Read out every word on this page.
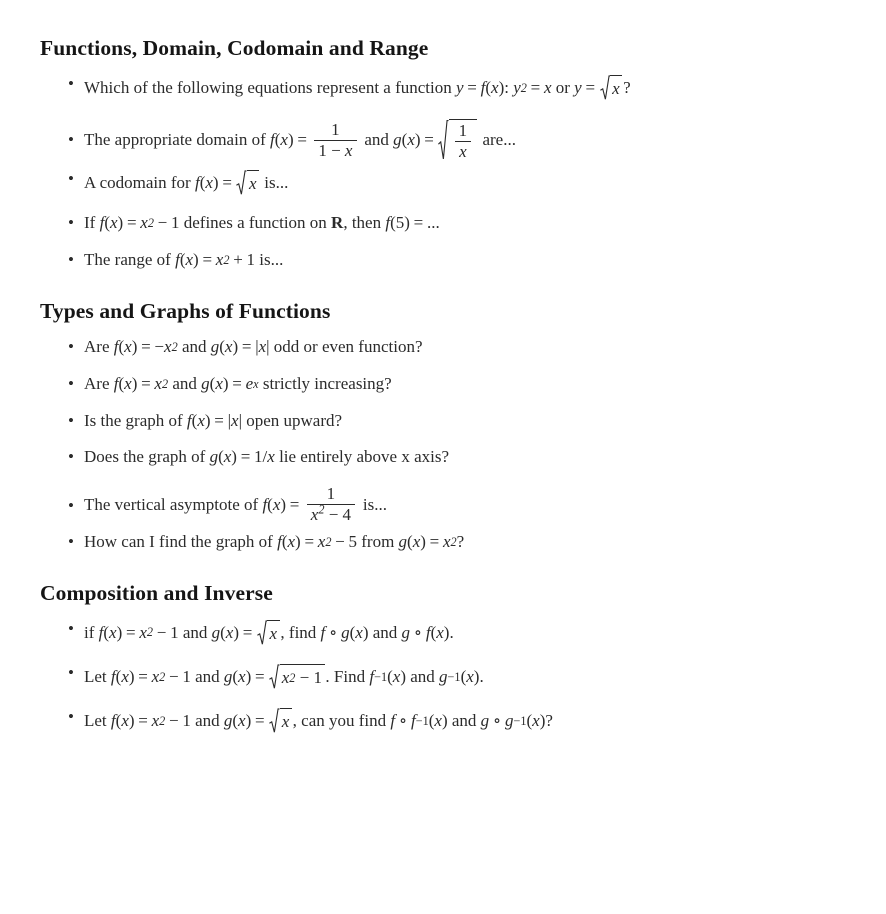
Functions, Domain, Codomain and Range
• Which of the following equations represent a function y = f ( x ): y 2 = x or y = x ?
• The appropriate domain of f ( x ) = $\frac{1}{1 - x}$ and g ( x ) = $\frac{1}{x}$ are...
• A codomain for f ( x ) = x is...
• If f ( x ) = x 2 − 1 defines a function on R , then f (5) = ...
• The range of f ( x ) = x 2 + 1 is...
Types and Graphs of Functions
• Are f ( x ) = − x 2 and g ( x ) = | x | odd or even function?
• Are f ( x ) = x 2 and g ( x ) = e x strictly increasing?
• Is the graph of f ( x ) = | x | open upward?
• Does the graph of g ( x ) = 1 / x lie entirely above x axis?
• The vertical asymptote of f ( x ) = $\frac{1}{x^2 - 4}$ is...
• How can I find the graph of f ( x ) = x 2 − 5 from g ( x ) = x 2 ?
Composition and Inverse
• if f ( x ) = x 2 − 1 and g ( x ) = x , find f ∘ g ( x ) and g ∘ f ( x ).
• Let f ( x ) = x 2 − 1 and g ( x ) = x 2
−
1 . Find f −1 ( x ) and g −1 ( x ).
• Let f ( x ) = x 2 − 1 and g ( x ) = x , can you find f ∘ f −1 ( x ) and g ∘ g −1 ( x )?
